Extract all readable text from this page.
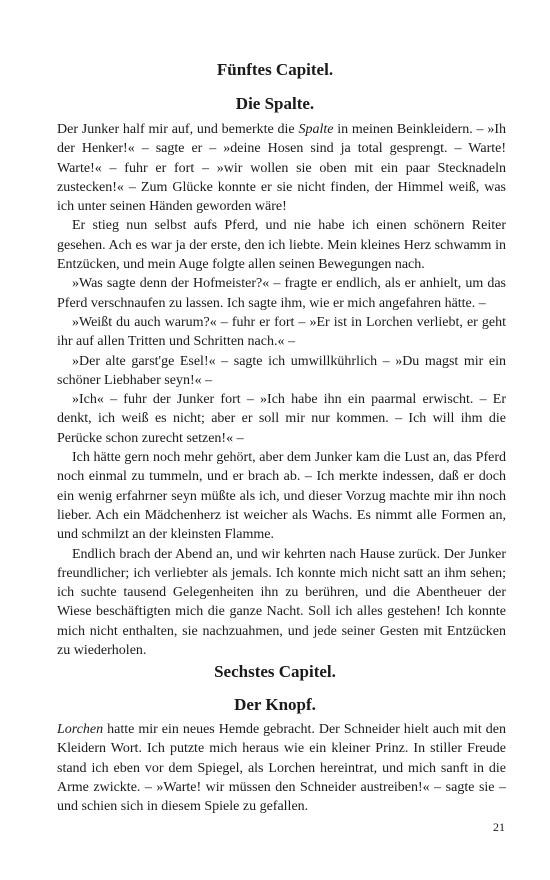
Fünftes Capitel.
Die Spalte.

Der Junker half mir auf, und bemerkte die Spalte in meinen Beinkleidern. – »Ih der Henker!« – sagte er – »deine Hosen sind ja total gesprengt. – Warte! Warte!« – fuhr er fort – »wir wollen sie oben mit ein paar Stecknadeln zustecken!« – Zum Glücke konnte er sie nicht finden, der Himmel weiß, was ich unter seinen Händen geworden wäre!

Er stieg nun selbst aufs Pferd, und nie habe ich einen schönern Reiter gesehen. Ach es war ja der erste, den ich liebte. Mein kleines Herz schwamm in Entzücken, und mein Auge folgte allen seinen Bewegungen nach.

»Was sagte denn der Hofmeister?« – fragte er endlich, als er anhielt, um das Pferd verschnaufen zu lassen. Ich sagte ihm, wie er mich angefahren hätte. –

»Weißt du auch warum?« – fuhr er fort – »Er ist in Lorchen verliebt, er geht ihr auf allen Tritten und Schritten nach.« –

»Der alte garst'ge Esel!« – sagte ich umwillkührlich – »Du magst mir ein schöner Liebhaber seyn!« –

»Ich« – fuhr der Junker fort – »Ich habe ihn ein paarmal erwischt. – Er denkt, ich weiß es nicht; aber er soll mir nur kommen. – Ich will ihm die Perücke schon zurecht setzen!« –

Ich hätte gern noch mehr gehört, aber dem Junker kam die Lust an, das Pferd noch einmal zu tummeln, und er brach ab. – Ich merkte indessen, daß er doch ein wenig erfahrner seyn müßte als ich, und dieser Vorzug machte mir ihn noch lieber. Ach ein Mädchenherz ist weicher als Wachs. Es nimmt alle Formen an, und schmilzt an der kleinsten Flamme.

Endlich brach der Abend an, und wir kehrten nach Hause zurück. Der Junker freundlicher; ich verliebter als jemals. Ich konnte mich nicht satt an ihm sehen; ich suchte tausend Gelegenheiten ihn zu berühren, und die Abentheuer der Wiese beschäftigten mich die ganze Nacht. Soll ich alles gestehen! Ich konnte mich nicht enthalten, sie nachzuahmen, und jede seiner Gesten mit Entzücken zu wiederholen.

Sechstes Capitel.
Der Knopf.

Lorchen hatte mir ein neues Hemde gebracht. Der Schneider hielt auch mit den Kleidern Wort. Ich putzte mich heraus wie ein kleiner Prinz. In stiller Freude stand ich eben vor dem Spiegel, als Lorchen hereintrat, und mich sanft in die Arme zwickte. – »Warte! wir müssen den Schneider austreiben!« – sagte sie – und schien sich in diesem Spiele zu gefallen.

21
